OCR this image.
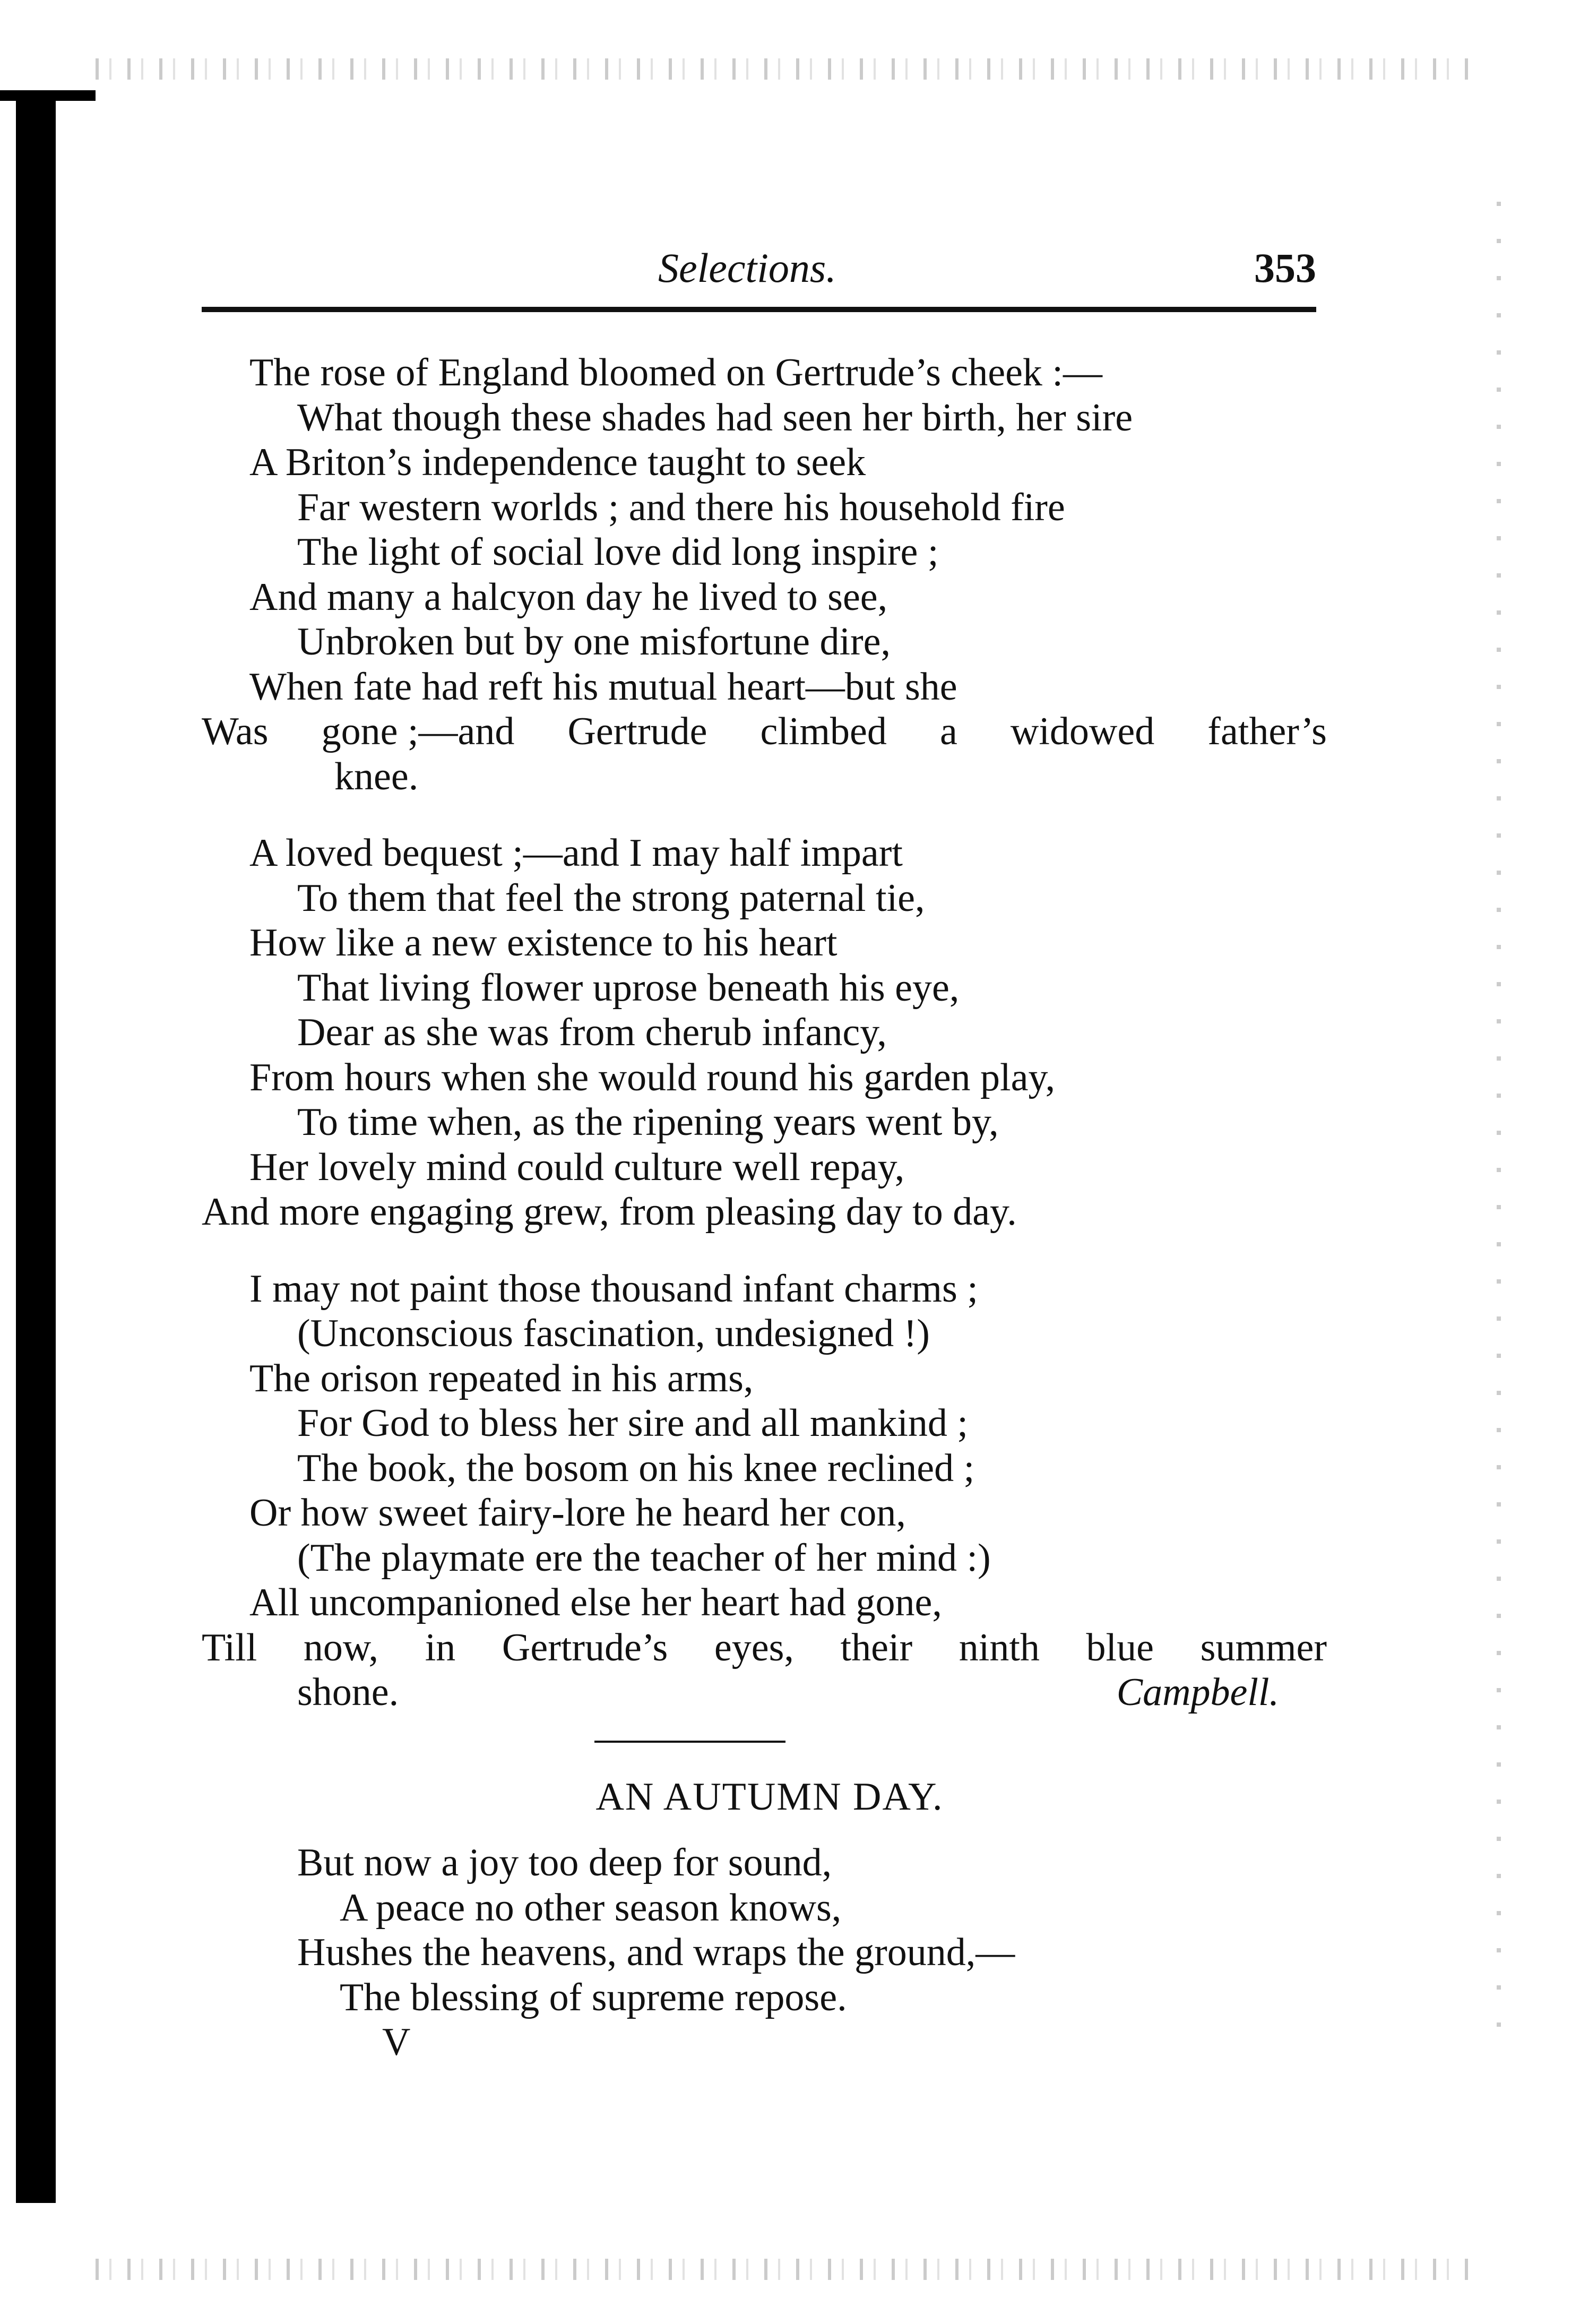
Selections.	353
The rose of England bloomed on Gertrude’s cheek :—
What though these shades had seen her birth, her sire
A Briton’s independence taught to seek
Far western worlds ; and there his household fire
The light of social love did long inspire ;
And many a halcyon day he lived to see,
Unbroken but by one misfortune dire,
When fate had reft his mutual heart—but she
Was gone ;—and Gertrude climbed a widowed father’s
knee.
A loved bequest ;—and I may half impart
To them that feel the strong paternal tie,
How like a new existence to his heart
That living flower uprose beneath his eye,
Dear as she was from cherub infancy,
From hours when she would round his garden play,
To time when, as the ripening years went by,
Her lovely mind could culture well repay,
And more engaging grew, from pleasing day to day.
I may not paint those thousand infant charms ;
(Unconscious fascination, undesigned !)
The orison repeated in his arms,
For God to bless her sire and all mankind ;
The book, the bosom on his knee reclined ;
Or how sweet fairy-lore he heard her con,
(The playmate ere the teacher of her mind :)
All uncompanioned else her heart had gone,
Till now, in Gertrude’s eyes, their ninth blue summer
shone.	Campbell.
AN AUTUMN DAY.
But now a joy too deep for sound,
A peace no other season knows,
Hushes the heavens, and wraps the ground,—
The blessing of supreme repose.
V
